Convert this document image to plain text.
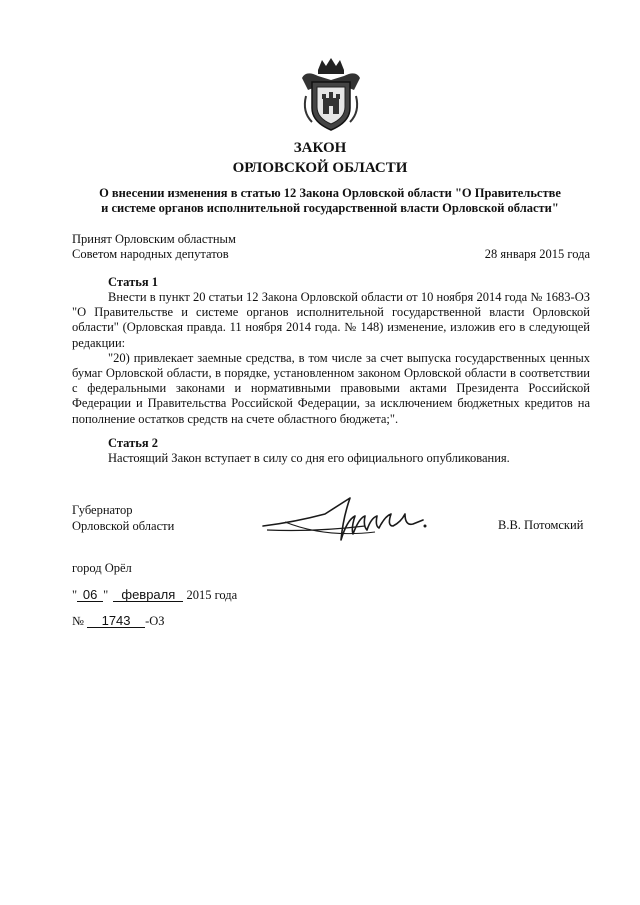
ЗАКОН
ОРЛОВСКОЙ ОБЛАСТИ
О внесении изменения в статью 12 Закона Орловской области "О Правительстве
и системе органов исполнительной государственной власти Орловской области"
Принят Орловским областным
Советом народных депутатов	28 января 2015 года
Статья 1

Внести в пункт 20 статьи 12 Закона Орловской области от 10 ноября 2014 года № 1683-ОЗ "О Правительстве и системе органов исполнительной государственной власти Орловской области" (Орловская правда. 11 ноября 2014 года. № 148) изменение, изложив его в следующей редакции:

"20) привлекает заемные средства, в том числе за счет выпуска государственных ценных бумаг Орловской области, в порядке, установленном законом Орловской области в соответствии с федеральными законами и нормативными правовыми актами Президента Российской Федерации и Правительства Российской Федерации, за исключением бюджетных кредитов на пополнение остатков средств на счете областного бюджета;".

Статья 2

Настоящий Закон вступает в силу со дня его официального опубликования.

Губернатор
Орловской области	В.В. Потомский
город Орёл
" 06 " февраля 2015 года
№ 1743 -ОЗ
